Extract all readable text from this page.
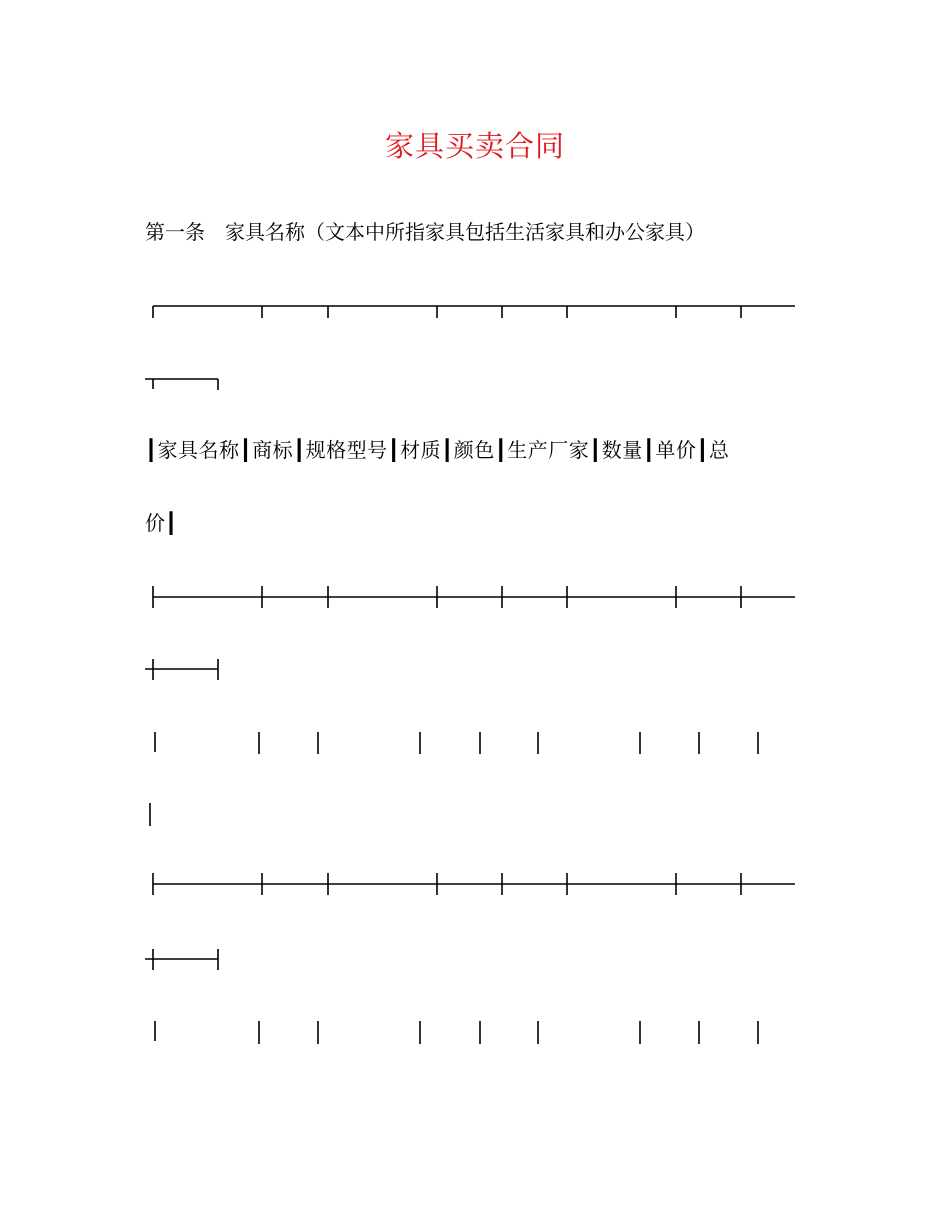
家具买卖合同
第一条　家具名称（文本中所指家具包括生活家具和办公家具）
┃家具名称┃商标┃规格型号┃材质┃颜色┃生产厂家┃数量┃单价┃总
价┃
